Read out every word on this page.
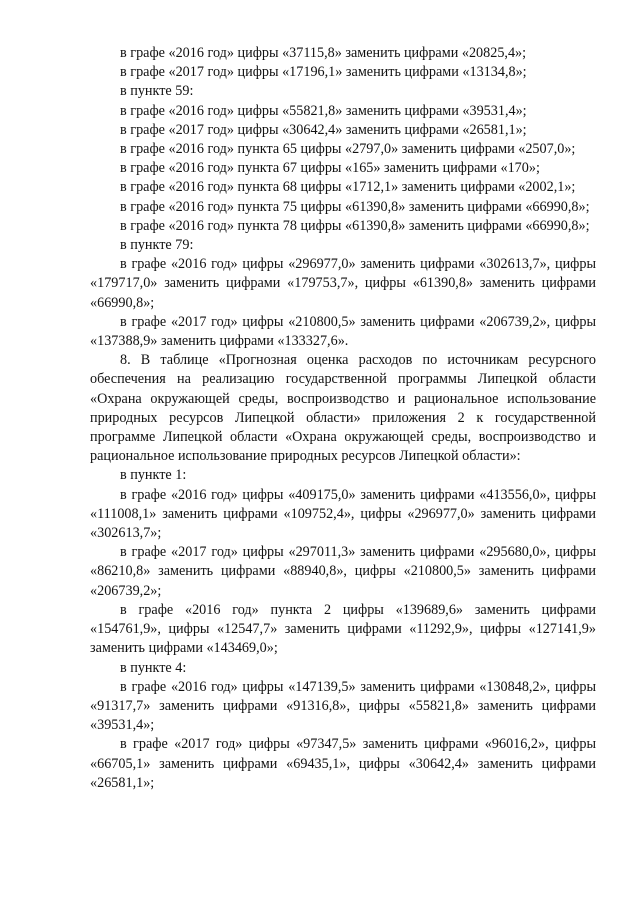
в графе «2016 год» цифры «37115,8» заменить цифрами «20825,4»;

в графе «2017 год» цифры «17196,1» заменить цифрами «13134,8»;

в пункте 59:

в графе «2016 год» цифры «55821,8» заменить цифрами «39531,4»;

в графе «2017 год» цифры «30642,4» заменить цифрами «26581,1»;

в графе «2016 год» пункта 65 цифры «2797,0» заменить цифрами «2507,0»;

в графе «2016 год» пункта 67 цифры «165» заменить цифрами «170»;

в графе «2016 год» пункта 68 цифры «1712,1» заменить цифрами «2002,1»;

в графе «2016 год» пункта 75 цифры «61390,8» заменить цифрами «66990,8»;

в графе «2016 год» пункта 78 цифры «61390,8» заменить цифрами «66990,8»;

в пункте 79:

в графе «2016 год» цифры «296977,0» заменить цифрами «302613,7», цифры «179717,0» заменить цифрами «179753,7», цифры «61390,8» заменить цифрами «66990,8»;

в графе «2017 год» цифры «210800,5» заменить цифрами «206739,2», цифры «137388,9» заменить цифрами «133327,6».

8. В таблице «Прогнозная оценка расходов по источникам ресурсного обеспечения на реализацию государственной программы Липецкой области «Охрана окружающей среды, воспроизводство и рациональное использование природных ресурсов Липецкой области» приложения 2 к государственной программе Липецкой области «Охрана окружающей среды, воспроизводство и рациональное использование природных ресурсов Липецкой области»:

в пункте 1:

в графе «2016 год» цифры «409175,0» заменить цифрами «413556,0», цифры «111008,1» заменить цифрами «109752,4», цифры «296977,0» заменить цифрами «302613,7»;

в графе «2017 год» цифры «297011,3» заменить цифрами «295680,0», цифры «86210,8» заменить цифрами «88940,8», цифры «210800,5» заменить цифрами «206739,2»;

в графе «2016 год» пункта 2 цифры «139689,6» заменить цифрами «154761,9», цифры «12547,7» заменить цифрами «11292,9», цифры «127141,9» заменить цифрами «143469,0»;

в пункте 4:

в графе «2016 год» цифры «147139,5» заменить цифрами «130848,2», цифры «91317,7» заменить цифрами «91316,8», цифры «55821,8» заменить цифрами «39531,4»;

в графе «2017 год» цифры «97347,5» заменить цифрами «96016,2», цифры «66705,1» заменить цифрами «69435,1», цифры «30642,4» заменить цифрами «26581,1»;
